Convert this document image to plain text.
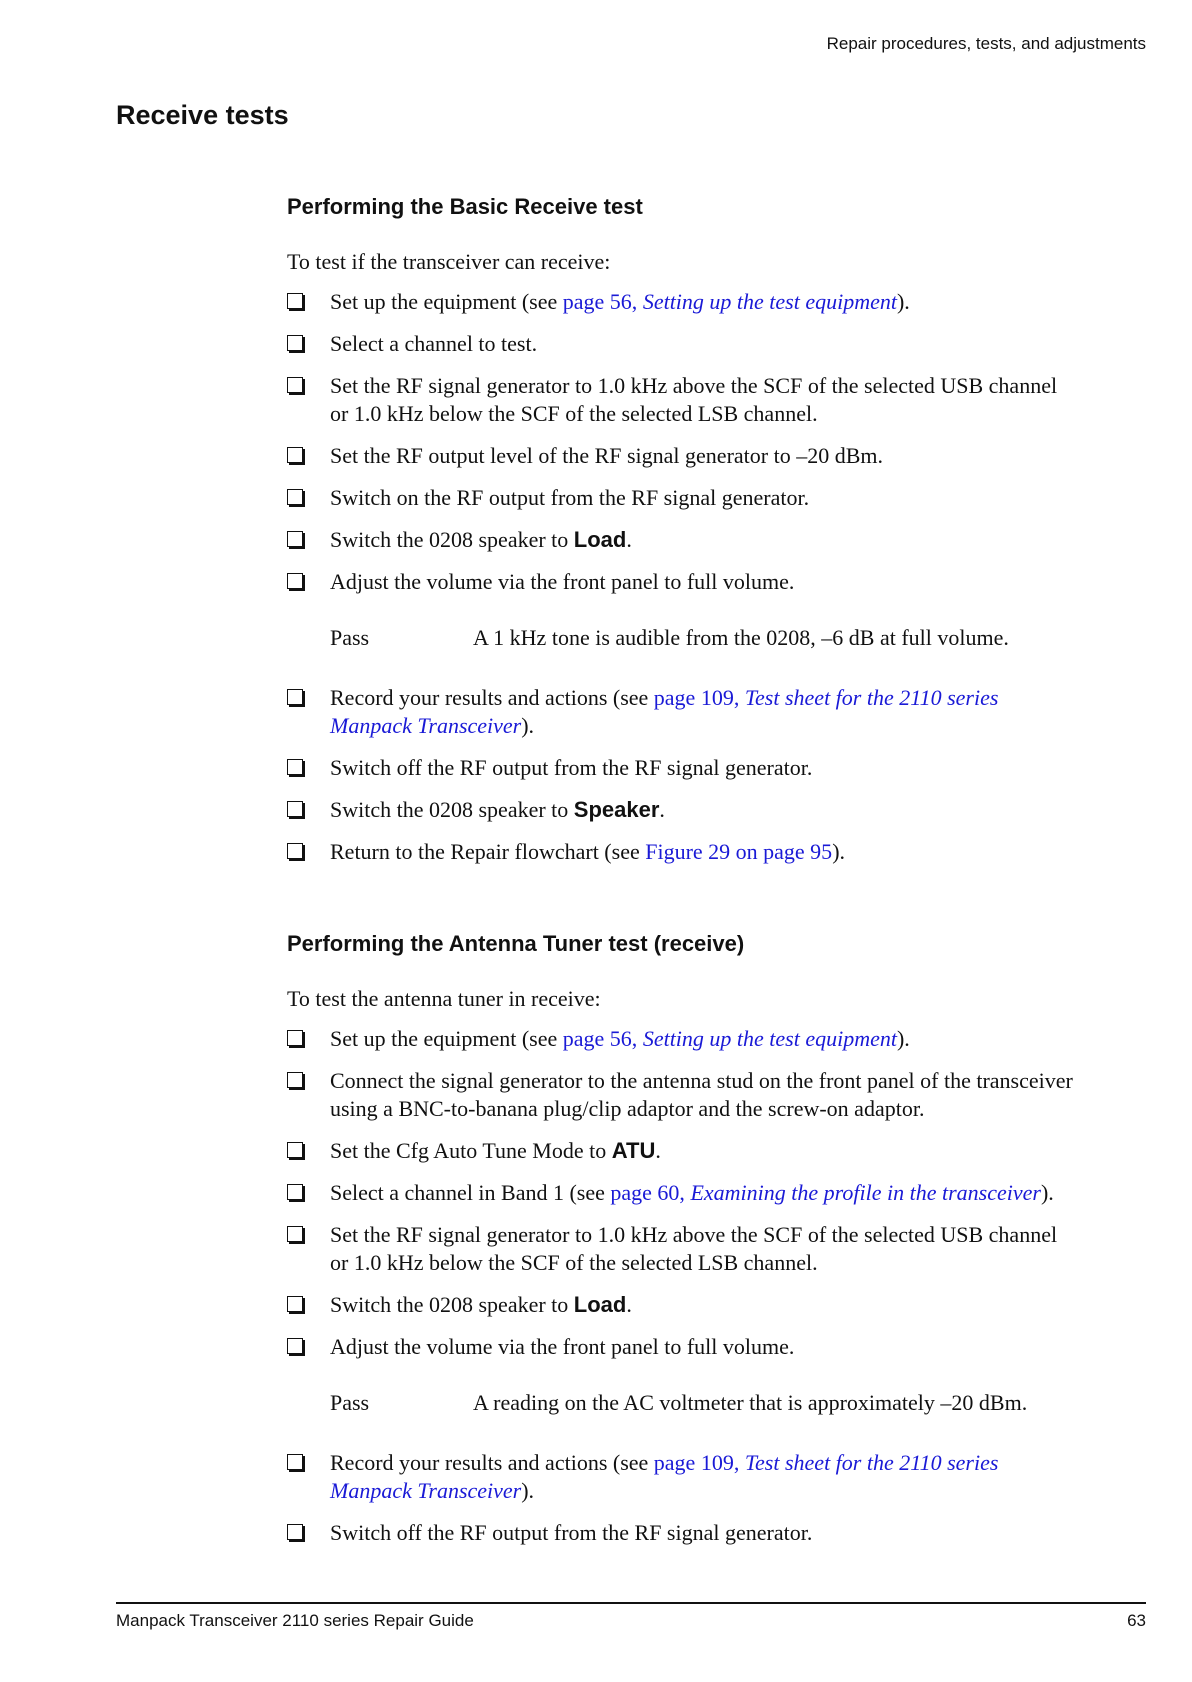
Repair procedures, tests, and adjustments
Receive tests
Performing the Basic Receive test

To test if the transceiver can receive:

Set up the equipment (see page 56, Setting up the test equipment).
Select a channel to test.
Set the RF signal generator to 1.0 kHz above the SCF of the selected USB channel
or 1.0 kHz below the SCF of the selected LSB channel.
Set the RF output level of the RF signal generator to –20 dBm.
Switch on the RF output from the RF signal generator.
Switch the 0208 speaker to Load.
Adjust the volume via the front panel to full volume.
Pass	A 1 kHz tone is audible from the 0208, –6 dB at full volume.
Record your results and actions (see page 109, Test sheet for the 2110 series
Manpack Transceiver).
Switch off the RF output from the RF signal generator.
Switch the 0208 speaker to Speaker.
Return to the Repair flowchart (see Figure 29 on page 95).
Performing the Antenna Tuner test (receive)

To test the antenna tuner in receive:

Set up the equipment (see page 56, Setting up the test equipment).
Connect the signal generator to the antenna stud on the front panel of the transceiver
using a BNC-to-banana plug/clip adaptor and the screw-on adaptor.
Set the Cfg Auto Tune Mode to ATU.
Select a channel in Band 1 (see page 60, Examining the profile in the transceiver).
Set the RF signal generator to 1.0 kHz above the SCF of the selected USB channel
or 1.0 kHz below the SCF of the selected LSB channel.
Switch the 0208 speaker to Load.
Adjust the volume via the front panel to full volume.
Pass	A reading on the AC voltmeter that is approximately –20 dBm.
Record your results and actions (see page 109, Test sheet for the 2110 series
Manpack Transceiver).
Switch off the RF output from the RF signal generator.
Manpack Transceiver 2110 series Repair Guide	63
